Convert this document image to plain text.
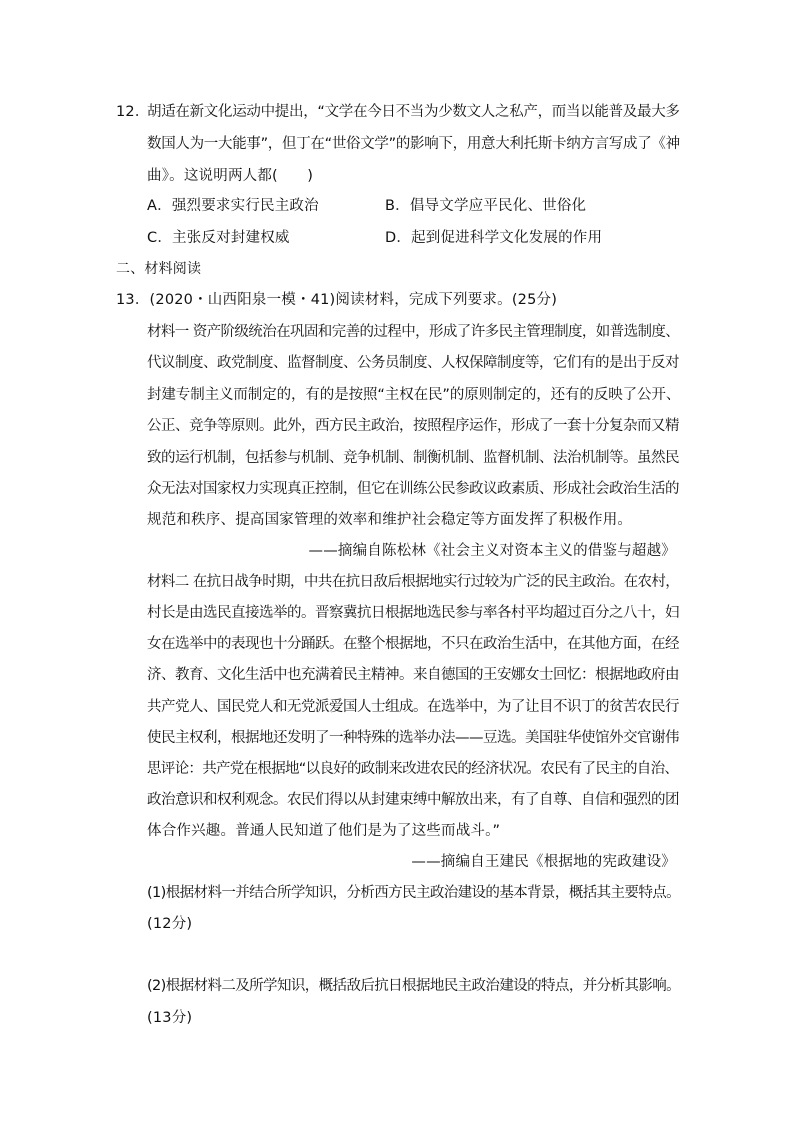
12．
胡适在新文化运动中提出，“文学在今日不当为少数文人之私产，而当以能普及最大多
数国人为一大能事”，但丁在“世俗文学”的影响下，用意大利托斯卡纳方言写成了《神
曲》。这说明两人都(　　)
A．强烈要求实行民主政治	B．倡导文学应平民化、世俗化
C．主张反对封建权威	D．起到促进科学文化发展的作用
二、材料阅读
13．(2020・山西阳泉一模・41)阅读材料，完成下列要求。(25分)
材料一 资产阶级统治在巩固和完善的过程中，形成了许多民主管理制度，如普选制度、
代议制度、政党制度、监督制度、公务员制度、人权保障制度等，它们有的是出于反对
封建专制主义而制定的，有的是按照“主权在民”的原则制定的，还有的反映了公开、
公正、竞争等原则。此外，西方民主政治，按照程序运作，形成了一套十分复杂而又精
致的运行机制，包括参与机制、竞争机制、制衡机制、监督机制、法治机制等。虽然民
众无法对国家权力实现真正控制，但它在训练公民参政议政素质、形成社会政治生活的
规范和秩序、提高国家管理的效率和维护社会稳定等方面发挥了积极作用。
——摘编自陈松林《社会主义对资本主义的借鉴与超越》
材料二 在抗日战争时期，中共在抗日敌后根据地实行过较为广泛的民主政治。在农村，
村长是由选民直接选举的。晋察冀抗日根据地选民参与率各村平均超过百分之八十，妇
女在选举中的表现也十分踊跃。在整个根据地，不只在政治生活中，在其他方面，在经
济、教育、文化生活中也充满着民主精神。来自德国的王安娜女士回忆：根据地政府由
共产党人、国民党人和无党派爱国人士组成。在选举中，为了让目不识丁的贫苦农民行
使民主权利，根据地还发明了一种特殊的选举办法——豆选。美国驻华使馆外交官谢伟
思评论：共产党在根据地“以良好的政制来改进农民的经济状况。农民有了民主的自治、
政治意识和权利观念。农民们得以从封建束缚中解放出来，有了自尊、自信和强烈的团
体合作兴趣。普通人民知道了他们是为了这些而战斗。”
——摘编自王建民《根据地的宪政建设》
(1)根据材料一并结合所学知识，分析西方民主政治建设的基本背景，概括其主要特点。
(12分)
(2)根据材料二及所学知识，概括敌后抗日根据地民主政治建设的特点，并分析其影响。
(13分)
